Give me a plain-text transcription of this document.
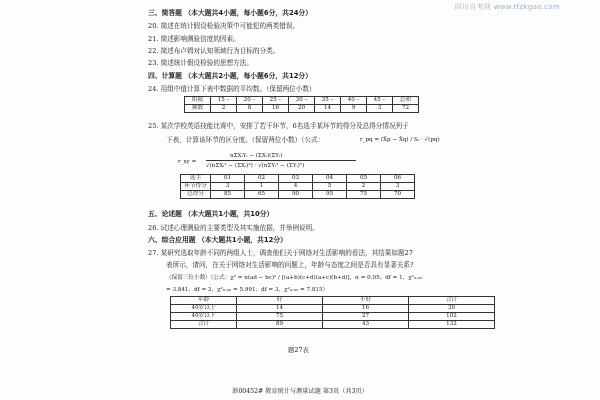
四川自考网 www.tfzkgao.com
三、简答题 （本大题共4小题，每小题6分，共24分）
20. 简述在统计假设检验决策中可能犯的两类错误。
21. 简述影响测验信度的因素。
22. 简述布卢姆对认知领域行为目标的分类。
23. 简述统计假设检验的思想方法。
四、计算题 （本大题共2小题，每小题6分，共12分）
24. 用组中值计算下表中数据的平均数。（保留两位小数）
组限	15 –	20 –	25 –	30 –	35 –	40 –	45 –	总和
频数	2	8	16	20	14	9	3	72
25. 某次学校英语技能比赛中，安排了若干环节，6名选手某环节的得分及总得分情况列于
下表，计算该环节的区分度。（保留两位小数）（公式：	r_pq = (X̄p − X̄q) / Sₜ · √(pq)
r_xy =
nΣXᵢYᵢ − (ΣXᵢ)(ΣYᵢ)
√(nΣXᵢ² − (ΣXᵢ)²) · √(nΣYᵢ² − (ΣYᵢ)²)
选手	01	02	03	04	05	06
环节得分	3	1	4	5	2	3
总得分	85	65	90	95	75	70
五、论述题 （本大题共1小题，共10分）
26. 试述心理测验的主要类型及其实施依据，并举例说明。
六、综合应用题 （本大题共1小题，共12分）
27. 某研究选取年龄不同的两组人士，调查他们关于网络对生活影响的看法，其结果如题27
表所示，请问，在关于网络对生活影响的问题上，年龄与态度之间是否具有显著关系?
（保留三位小数）（公式：χ² = n(ad − bc)² / [(a+b)(c+d)(a+c)(b+d)]，α = 0.05；df = 1，χ²₀.₀₅
= 3.841；df = 2，χ²₀.₀₅ = 5.991；df = 3，χ²₀.₀₅ = 7.815）
年龄	好	不好	合计
40岁以上	14	16	30
40岁以下	75	27	102
合计	89	43	132
题27表
浙00452# 教育统计与测量试题 第3页（共3页）
